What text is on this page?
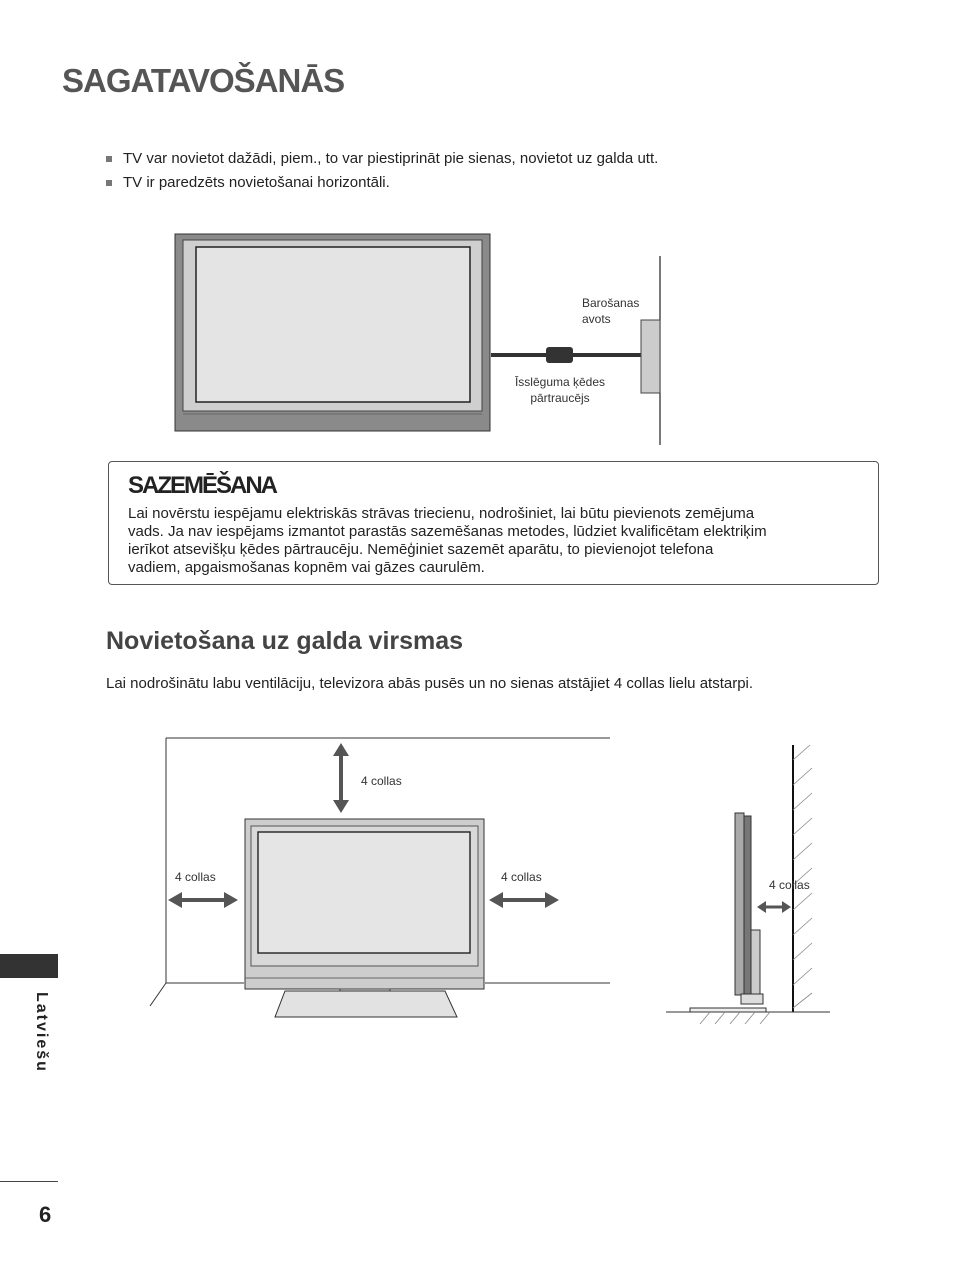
SAGATAVOŠANĀS
TV var novietot dažādi, piem., to var piestiprināt pie sienas, novietot uz galda utt.
TV ir paredzēts novietošanai horizontāli.
Barošanas
avots
Īsslēguma ķēdes
pārtraucējs
SAZEMĒŠANA
Lai novērstu iespējamu elektriskās strāvas triecienu, nodrošiniet, lai būtu pievienots zemējuma
vads. Ja nav iespējams izmantot parastās sazemēšanas metodes, lūdziet kvalificētam elektriķim
ierīkot atsevišķu ķēdes pārtraucēju. Nemēģiniet sazemēt aparātu, to pievienojot telefona
vadiem, apgaismošanas kopnēm vai gāzes caurulēm.
Novietošana uz galda virsmas

Lai nodrošinātu labu ventilāciju, televizora abās pusēs un no sienas atstājiet 4 collas lielu atstarpi.

4 collas
4 collas	4 collas
4 collas
Latviešu
6
